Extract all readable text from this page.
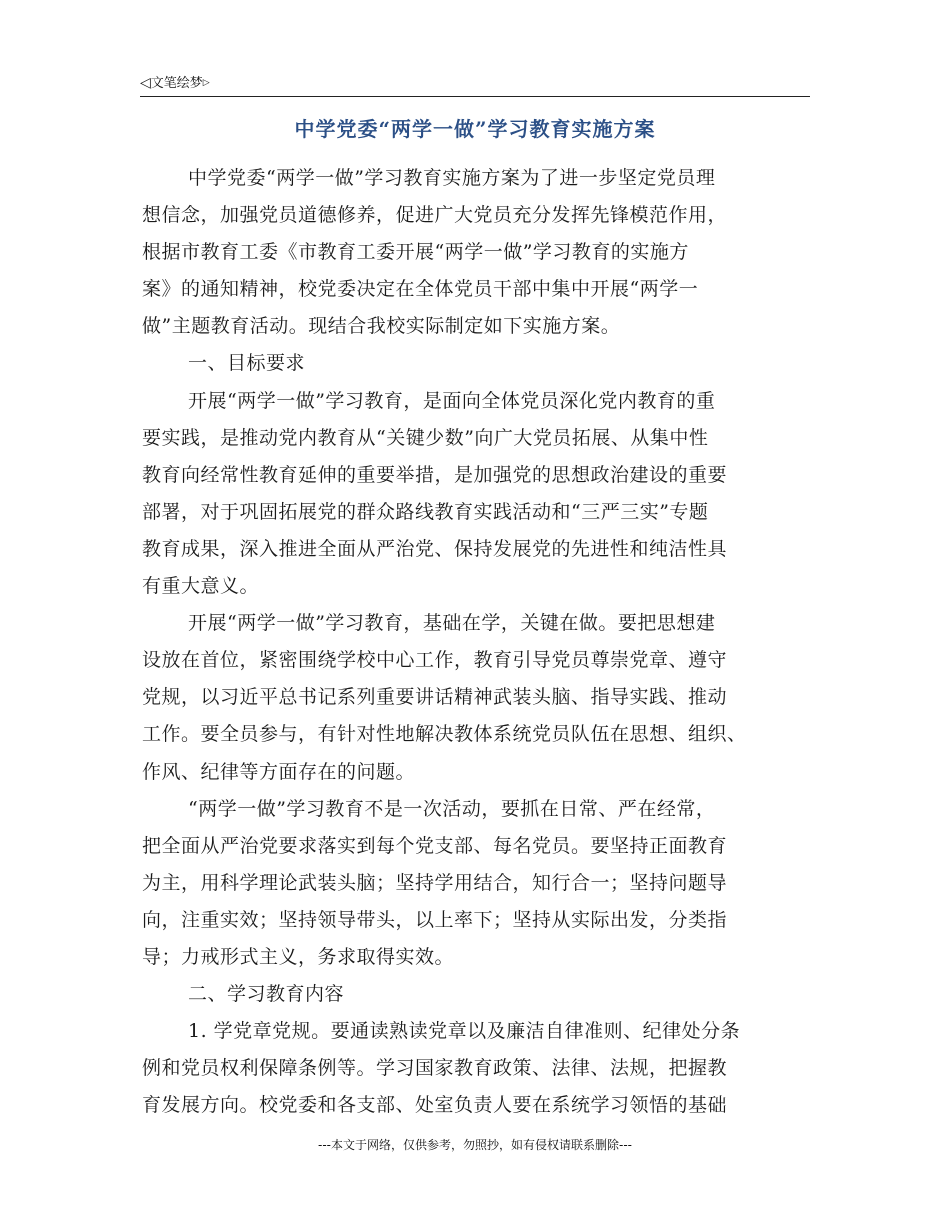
◁文笔绘梦▷
中学党委“两学一做”学习教育实施方案
中学党委“两学一做”学习教育实施方案为了进一步坚定党员理
想信念，加强党员道德修养，促进广大党员充分发挥先锋模范作用，
根据市教育工委《市教育工委开展“两学一做”学习教育的实施方
案》的通知精神，校党委决定在全体党员干部中集中开展“两学一
做”主题教育活动。现结合我校实际制定如下实施方案。
一、目标要求
开展“两学一做”学习教育，是面向全体党员深化党内教育的重
要实践，是推动党内教育从“关键少数”向广大党员拓展、从集中性
教育向经常性教育延伸的重要举措，是加强党的思想政治建设的重要
部署，对于巩固拓展党的群众路线教育实践活动和“三严三实”专题
教育成果，深入推进全面从严治党、保持发展党的先进性和纯洁性具
有重大意义。
开展“两学一做”学习教育，基础在学，关键在做。要把思想建
设放在首位，紧密围绕学校中心工作，教育引导党员尊崇党章、遵守
党规，以习近平总书记系列重要讲话精神武装头脑、指导实践、推动
工作。要全员参与，有针对性地解决教体系统党员队伍在思想、组织、
作风、纪律等方面存在的问题。
“两学一做”学习教育不是一次活动，要抓在日常、严在经常，
把全面从严治党要求落实到每个党支部、每名党员。要坚持正面教育
为主，用科学理论武装头脑；坚持学用结合，知行合一；坚持问题导
向，注重实效；坚持领导带头，以上率下；坚持从实际出发，分类指
导；力戒形式主义，务求取得实效。
二、学习教育内容
1. 学党章党规。要通读熟读党章以及廉洁自律准则、纪律处分条
例和党员权利保障条例等。学习国家教育政策、法律、法规，把握教
育发展方向。校党委和各支部、处室负责人要在系统学习领悟的基础
---本文于网络，仅供参考，勿照抄，如有侵权请联系删除---
